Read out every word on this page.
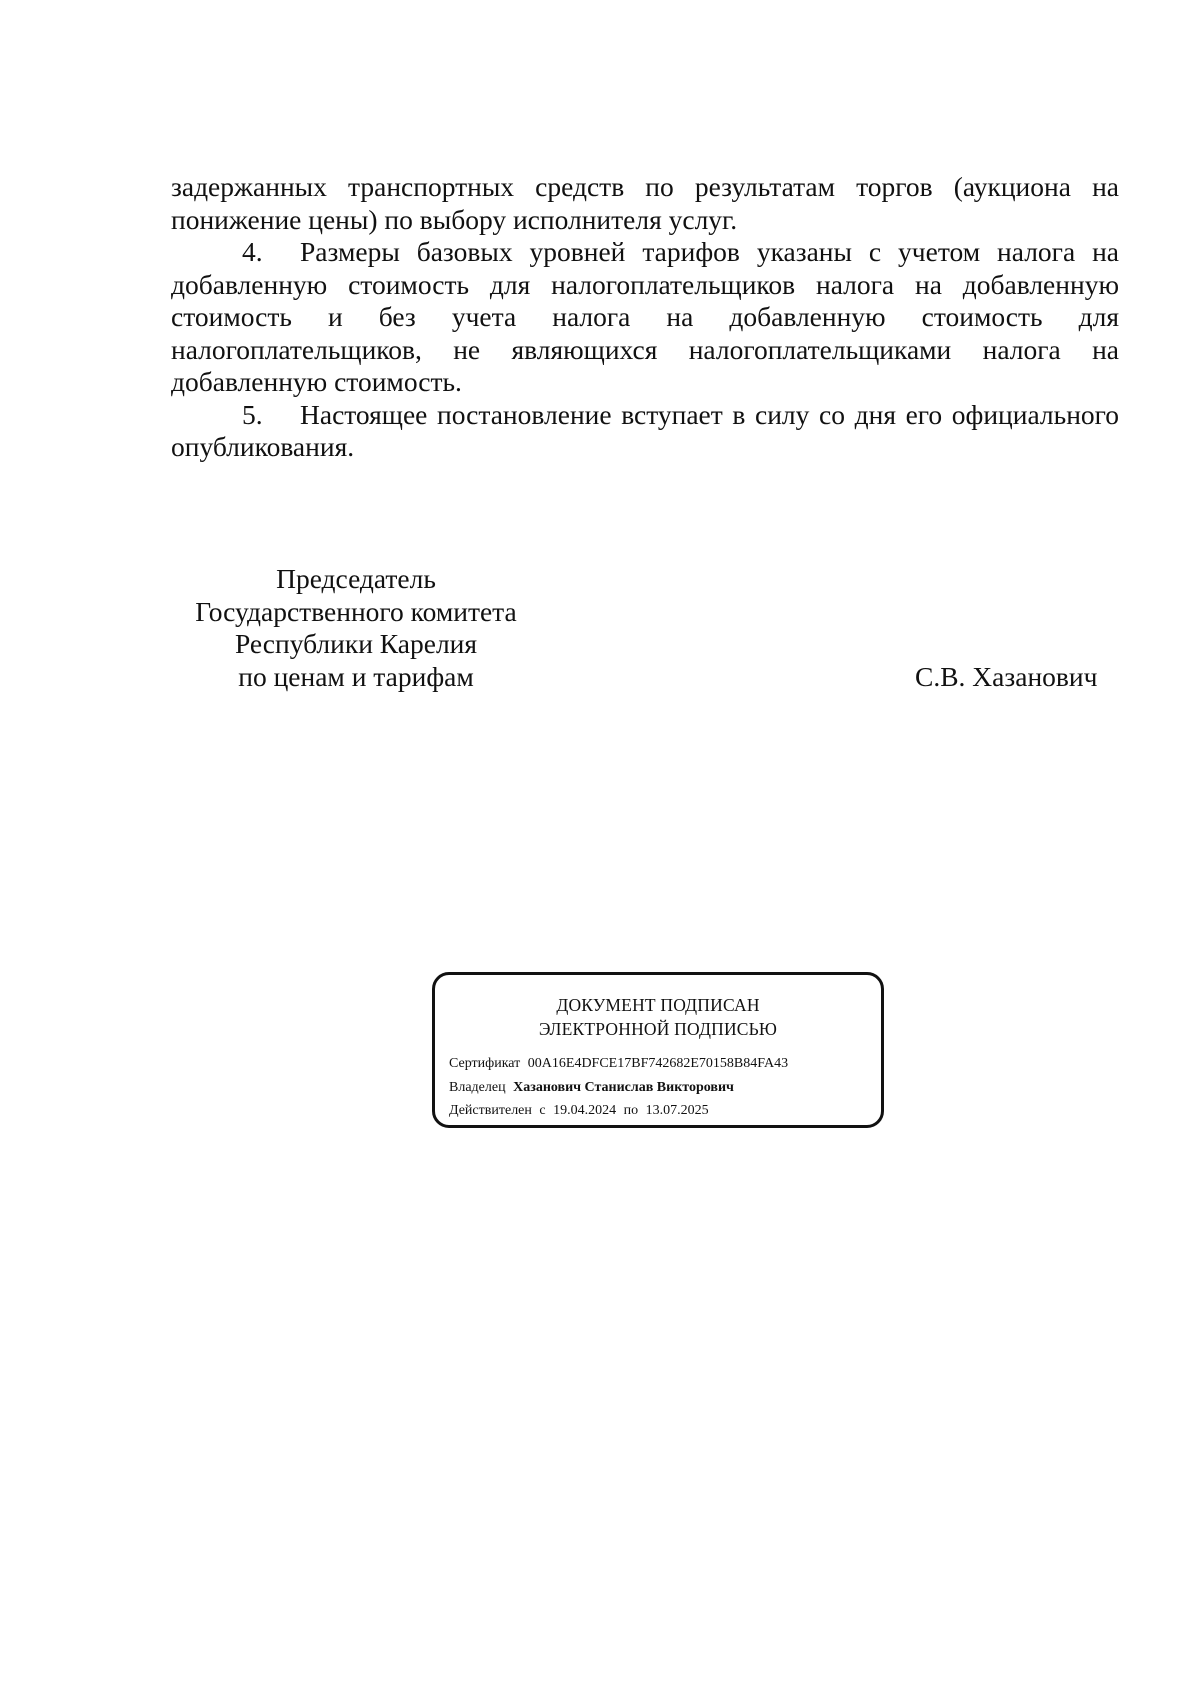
задержанных транспортных средств по результатам торгов (аукциона на понижение цены) по выбору исполнителя услуг.

4. Размеры базовых уровней тарифов указаны с учетом налога на добавленную стоимость для налогоплательщиков налога на добавленную стоимость и без учета налога на добавленную стоимость для налогоплательщиков, не являющихся налогоплательщиками налога на добавленную стоимость.

5. Настоящее постановление вступает в силу со дня его официального опубликования.

Председатель
Государственного комитета
Республики Карелия
по ценам и тарифам	С.В. Хазанович
ДОКУМЕНТ ПОДПИСАН
ЭЛЕКТРОННОЙ ПОДПИСЬЮ
Сертификат 00A16E4DFCE17BF742682E70158B84FA43
Владелец Хазанович Станислав Викторович
Действителен с 19.04.2024 по 13.07.2025
